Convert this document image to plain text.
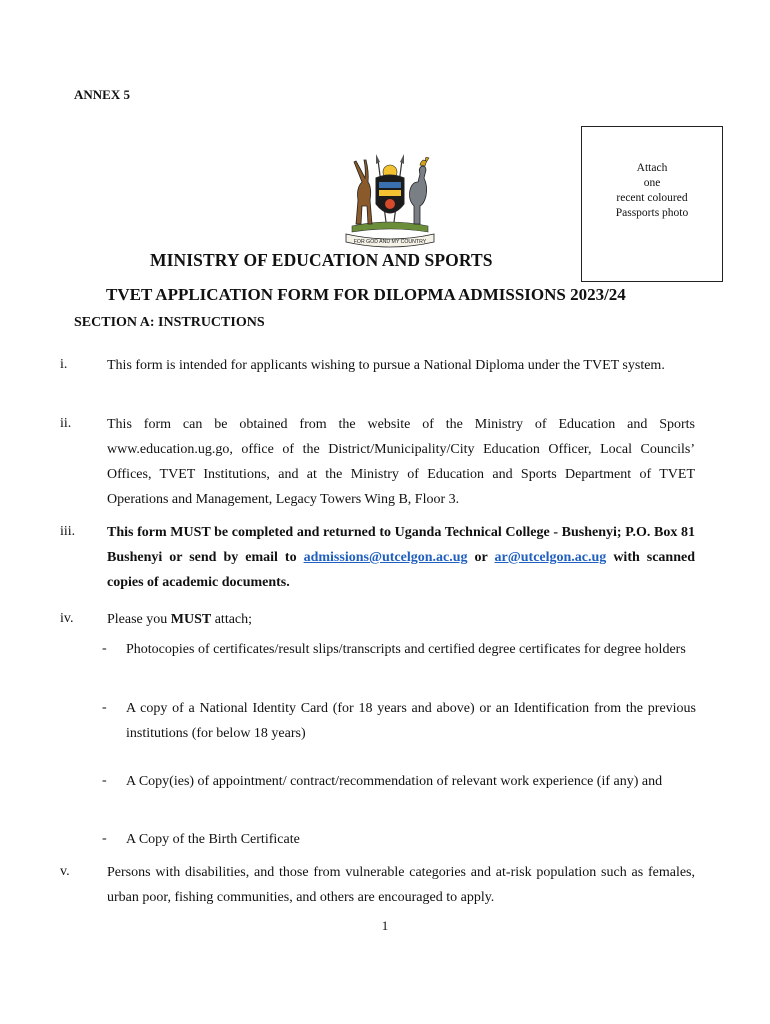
ANNEX 5
Attach
one
recent coloured
Passports photo
FOR GOD AND MY COUNTRY
MINISTRY OF EDUCATION AND SPORTS
TVET APPLICATION FORM FOR DILOPMA ADMISSIONS 2023/24
SECTION A: INSTRUCTIONS
i.	This form is intended for applicants wishing to pursue a National Diploma under the TVET system.
ii.	This form can be obtained from the website of the Ministry of Education and Sports www.education.ug.go, office of the District/Municipality/City Education Officer, Local Councils’ Offices, TVET Institutions, and at the Ministry of Education and Sports Department of TVET Operations and Management, Legacy Towers Wing B, Floor 3.
iii. This form MUST be completed and returned to Uganda Technical College - Bushenyi; P.O. Box 81 Bushenyi or send by email to admissions@utcelgon.ac.ug or ar@utcelgon.ac.ug with scanned copies of academic documents.
iv. Please you MUST attach;
- Photocopies of certificates/result slips/transcripts and certified degree certificates for degree holders
- A copy of a National Identity Card (for 18 years and above) or an Identification from the previous institutions (for below 18 years)
- A Copy(ies) of appointment/ contract/recommendation of relevant work experience (if any) and
- A Copy of the Birth Certificate
v.	Persons with disabilities, and those from vulnerable categories and at-risk population such as females, urban poor, fishing communities, and others are encouraged to apply.
1
